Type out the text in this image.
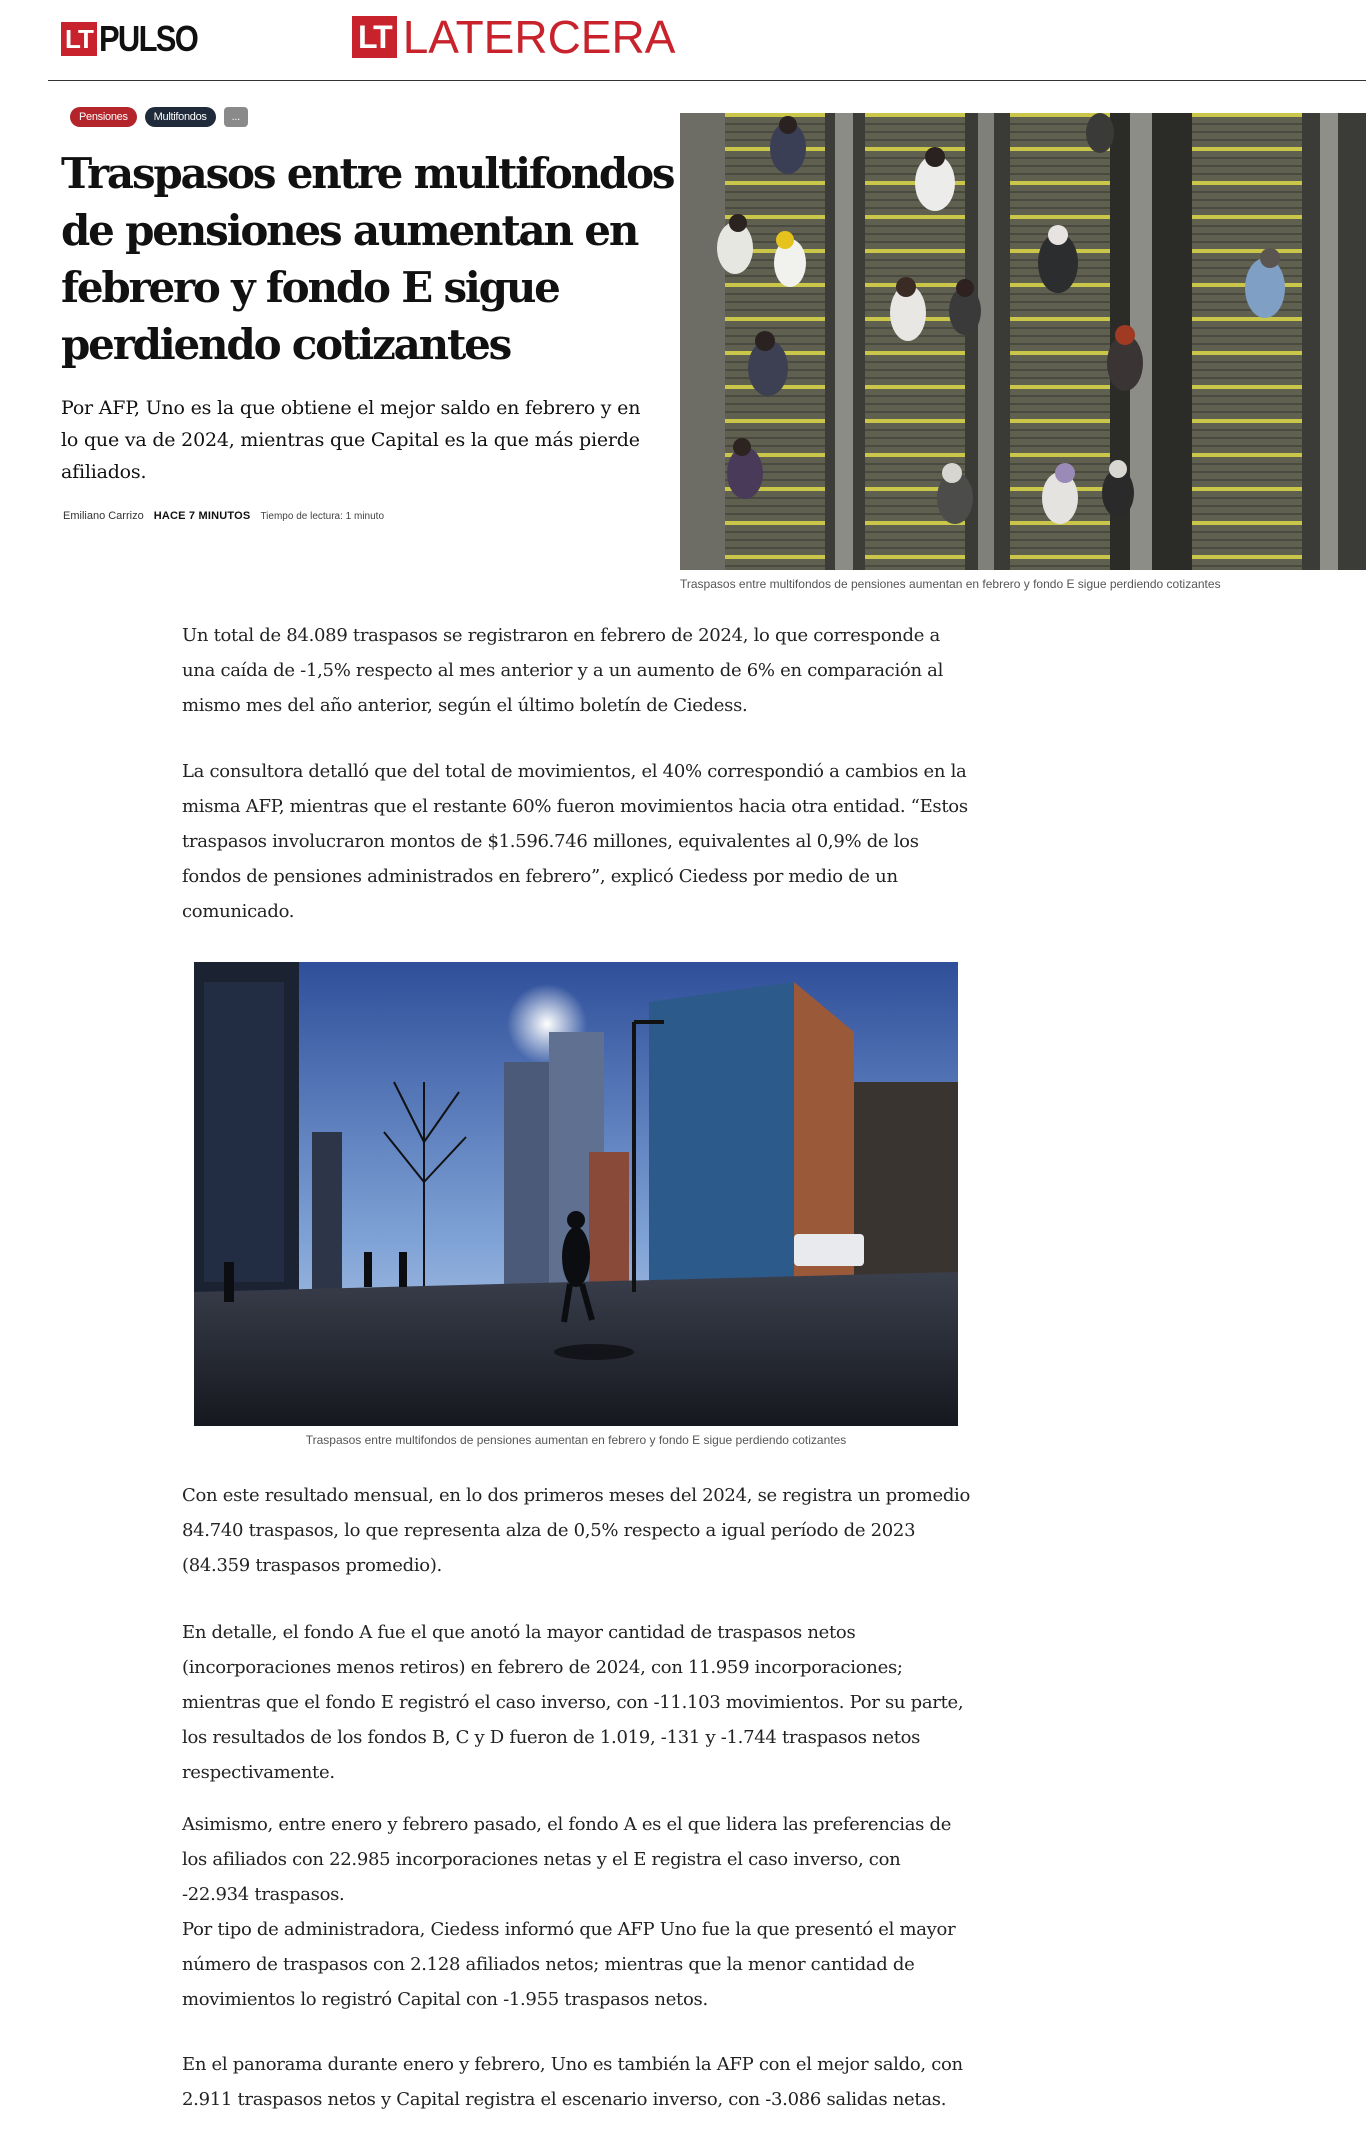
LT PULSO	LT LATERCERA
Pensiones	Multifondos	...
Traspasos entre multifondos de pensiones aumentan en febrero y fondo E sigue perdiendo cotizantes

Por AFP, Uno es la que obtiene el mejor saldo en febrero y en lo que va de 2024, mientras que Capital es la que más pierde afiliados.

Emiliano Carrizo HACE 7 MINUTOS Tiempo de lectura: 1 minuto
Traspasos entre multifondos de pensiones aumentan en febrero y fondo E sigue perdiendo cotizantes

Un total de 84.089 traspasos se registraron en febrero de 2024, lo que corresponde a una caída de -1,5% respecto al mes anterior y a un aumento de 6% en comparación al mismo mes del año anterior, según el último boletín de Ciedess.

La consultora detalló que del total de movimientos, el 40% correspondió a cambios en la misma AFP, mientras que el restante 60% fueron movimientos hacia otra entidad. “Estos traspasos involucraron montos de $1.596.746 millones, equivalentes al 0,9% de los fondos de pensiones administrados en febrero”, explicó Ciedess por medio de un comunicado.

Traspasos entre multifondos de pensiones aumentan en febrero y fondo E sigue perdiendo cotizantes

Con este resultado mensual, en lo dos primeros meses del 2024, se registra un promedio 84.740 traspasos, lo que representa alza de 0,5% respecto a igual período de 2023 (84.359 traspasos promedio).

En detalle, el fondo A fue el que anotó la mayor cantidad de traspasos netos (incorporaciones menos retiros) en febrero de 2024, con 11.959 incorporaciones; mientras que el fondo E registró el caso inverso, con -11.103 movimientos. Por su parte, los resultados de los fondos B, C y D fueron de 1.019, -131 y -1.744 traspasos netos respectivamente.

Asimismo, entre enero y febrero pasado, el fondo A es el que lidera las preferencias de los afiliados con 22.985 incorporaciones netas y el E registra el caso inverso, con -22.934 traspasos.

Por tipo de administradora, Ciedess informó que AFP Uno fue la que presentó el mayor número de traspasos con 2.128 afiliados netos; mientras que la menor cantidad de movimientos lo registró Capital con -1.955 traspasos netos.

En el panorama durante enero y febrero, Uno es también la AFP con el mejor saldo, con 2.911 traspasos netos y Capital registra el escenario inverso, con -3.086 salidas netas.
